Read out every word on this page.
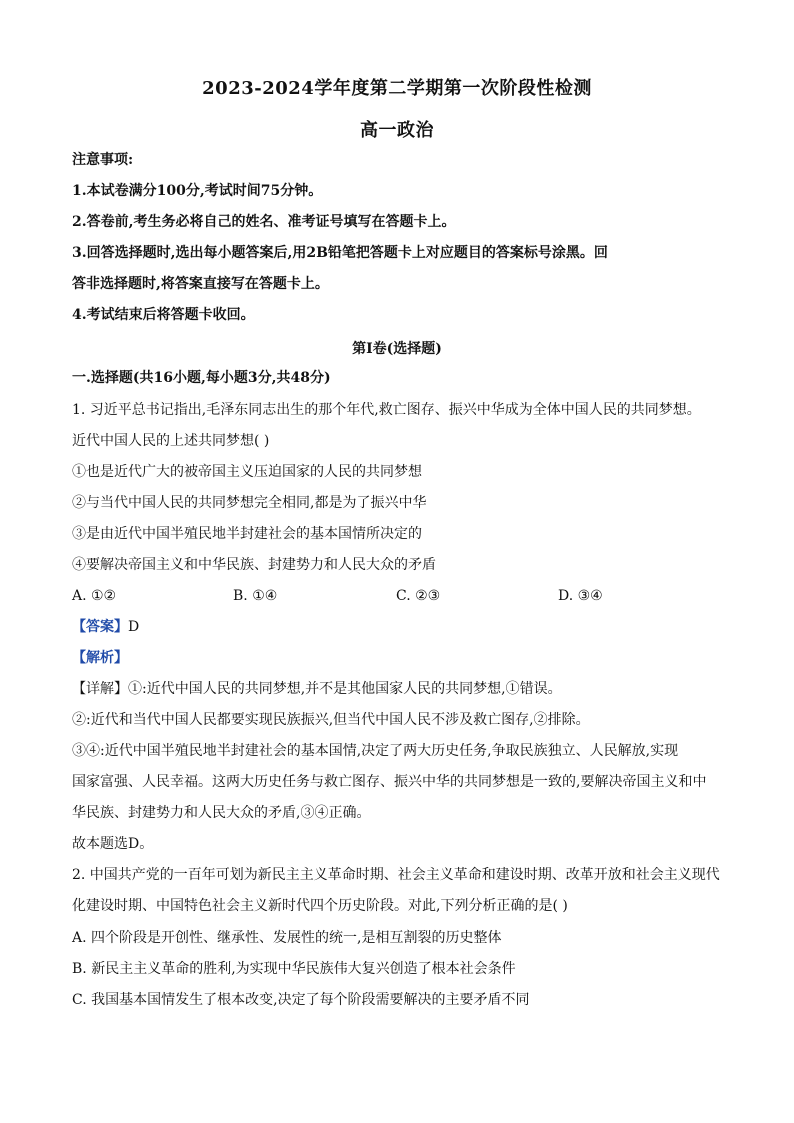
2023-2024学年度第二学期第一次阶段性检测
高一政治
注意事项:
1.本试卷满分100分,考试时间75分钟。
2.答卷前,考生务必将自己的姓名、准考证号填写在答题卡上。
3.回答选择题时,选出每小题答案后,用2B铅笔把答题卡上对应题目的答案标号涂黑。回
答非选择题时,将答案直接写在答题卡上。
4.考试结束后将答题卡收回。
第Ⅰ卷(选择题)
一.选择题(共16小题,每小题3分,共48分)
1. 习近平总书记指出,毛泽东同志出生的那个年代,救亡图存、振兴中华成为全体中国人民的共同梦想。
近代中国人民的上述共同梦想( )
①也是近代广大的被帝国主义压迫国家的人民的共同梦想
②与当代中国人民的共同梦想完全相同,都是为了振兴中华
③是由近代中国半殖民地半封建社会的基本国情所决定的
④要解决帝国主义和中华民族、封建势力和人民大众的矛盾
A. ①②	B. ①④	C. ②③	D. ③④
【答案】D
【解析】
【详解】①:近代中国人民的共同梦想,并不是其他国家人民的共同梦想,①错误。
②:近代和当代中国人民都要实现民族振兴,但当代中国人民不涉及救亡图存,②排除。
③④:近代中国半殖民地半封建社会的基本国情,决定了两大历史任务,争取民族独立、人民解放,实现
国家富强、人民幸福。这两大历史任务与救亡图存、振兴中华的共同梦想是一致的,要解决帝国主义和中
华民族、封建势力和人民大众的矛盾,③④正确。
故本题选D。
2. 中国共产党的一百年可划为新民主主义革命时期、社会主义革命和建设时期、改革开放和社会主义现代
化建设时期、中国特色社会主义新时代四个历史阶段。对此,下列分析正确的是( )
A. 四个阶段是开创性、继承性、发展性的统一,是相互割裂的历史整体
B. 新民主主义革命的胜利,为实现中华民族伟大复兴创造了根本社会条件
C. 我国基本国情发生了根本改变,决定了每个阶段需要解决的主要矛盾不同
